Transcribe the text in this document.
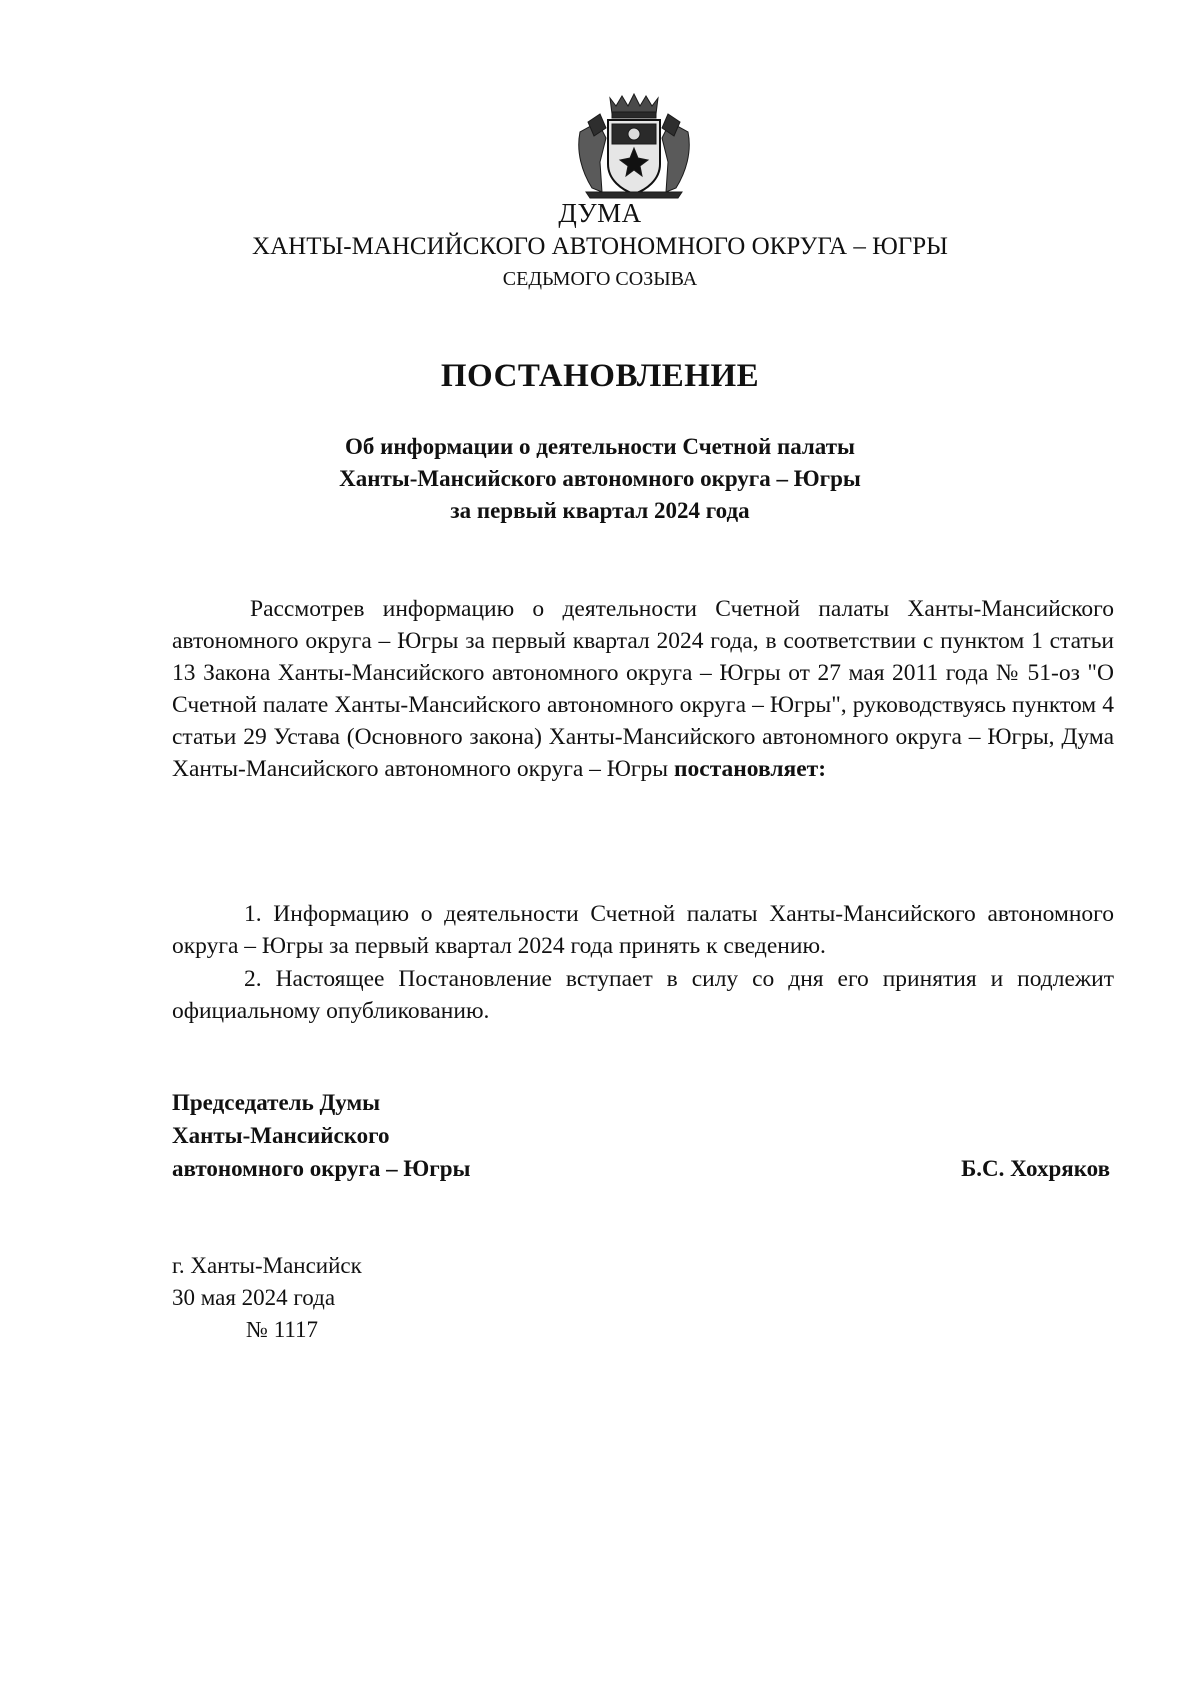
ДУМА
ХАНТЫ-МАНСИЙСКОГО АВТОНОМНОГО ОКРУГА – ЮГРЫ
СЕДЬМОГО СОЗЫВА
ПОСТАНОВЛЕНИЕ
Об информации о деятельности Счетной палаты
Ханты-Мансийского автономного округа – Югры
за первый квартал 2024 года
Рассмотрев информацию о деятельности Счетной палаты Ханты-Мансийского автономного округа – Югры за первый квартал 2024 года, в соответствии с пунктом 1 статьи 13 Закона Ханты-Мансийского автономного округа – Югры от 27 мая 2011 года № 51-оз "О Счетной палате Ханты-Мансийского автономного округа – Югры", руководствуясь пунктом 4 статьи 29 Устава (Основного закона) Ханты-Мансийского автономного округа – Югры, Дума Ханты-Мансийского автономного округа – Югры постановляет:
1. Информацию о деятельности Счетной палаты Ханты-Мансийского автономного округа – Югры за первый квартал 2024 года принять к сведению.
2. Настоящее Постановление вступает в силу со дня его принятия и подлежит официальному опубликованию.
Председатель Думы
Ханты-Мансийского
автономного округа – Югры	Б.С. Хохряков
г. Ханты-Мансийск
30 мая 2024 года
№ 1117
